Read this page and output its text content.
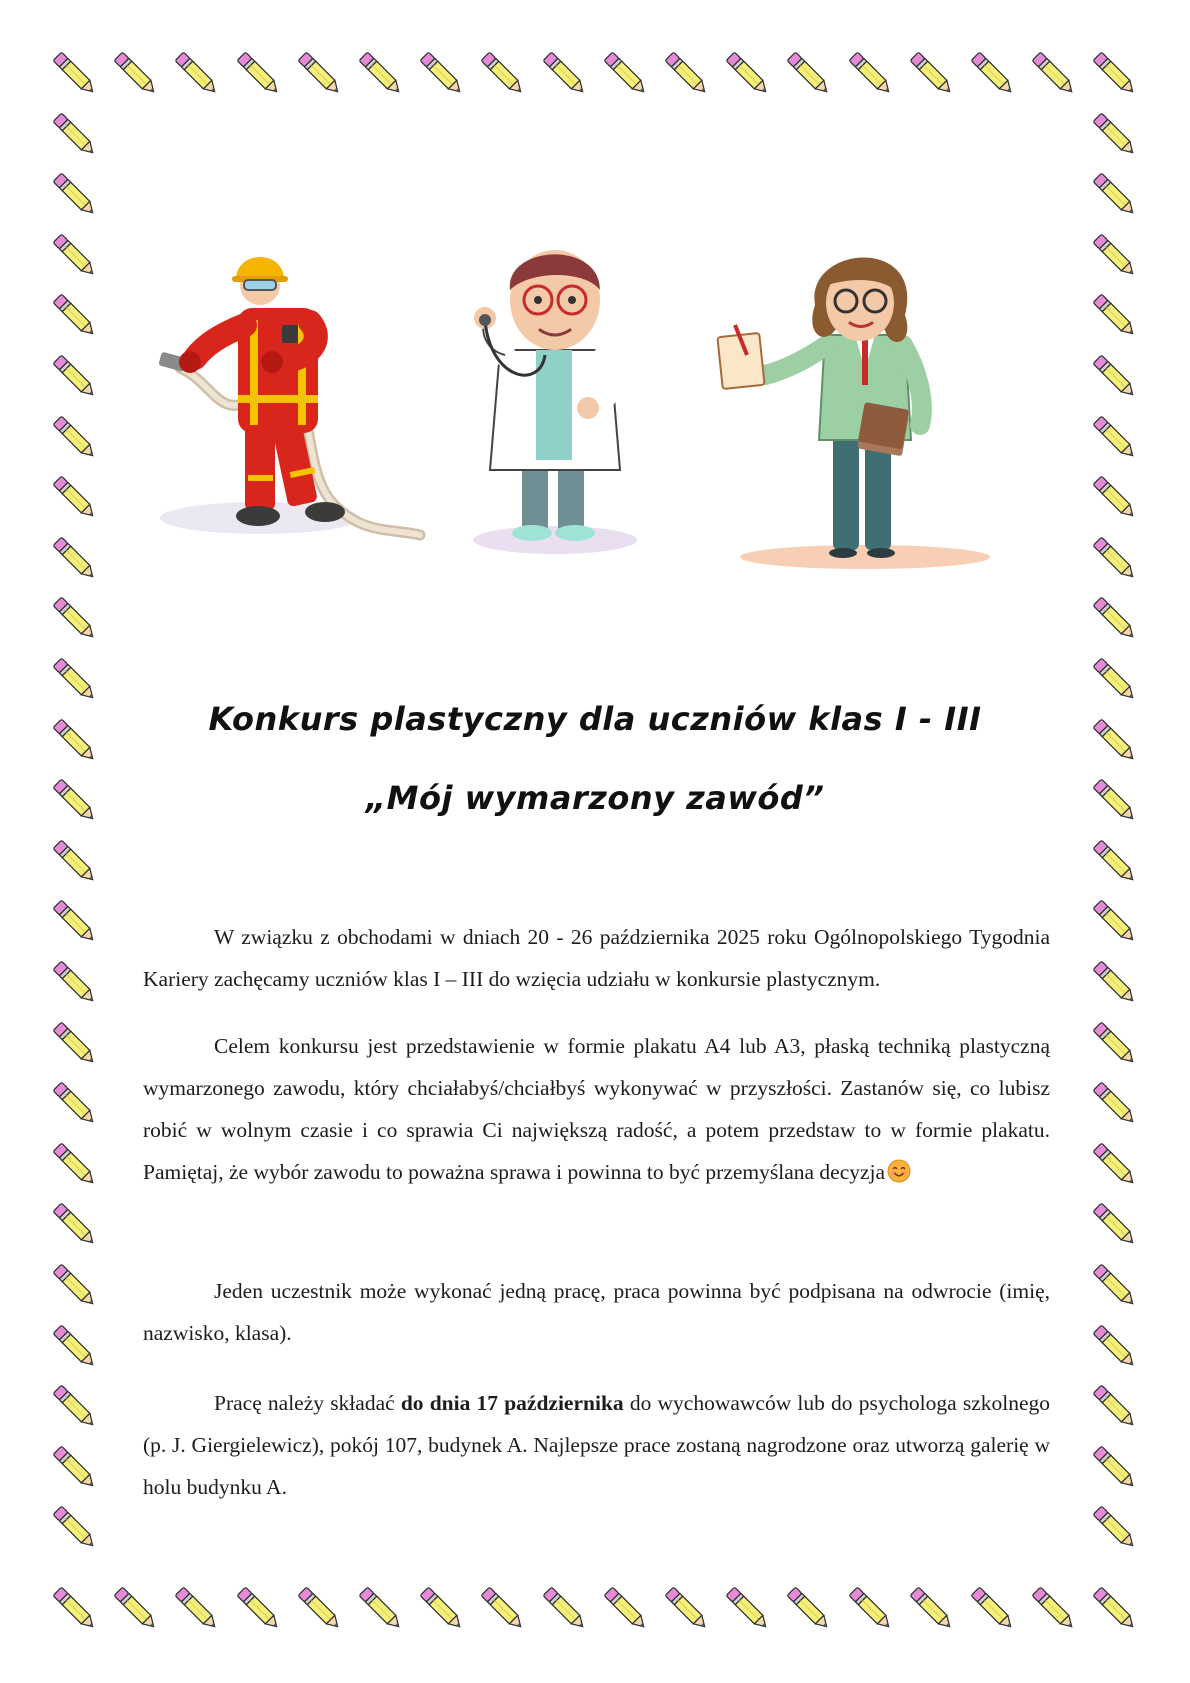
Konkurs plastyczny dla uczniów klas I - III
„Mój wymarzony zawód”

W związku z obchodami w dniach 20 - 26 października 2025 roku Ogólnopolskiego Tygodnia Kariery zachęcamy uczniów klas I – III do wzięcia udziału w konkursie plastycznym.

Celem konkursu jest przedstawienie w formie plakatu A4 lub A3, płaską techniką plastyczną wymarzonego zawodu, który chciałabyś/chciałbyś wykonywać w przyszłości. Zastanów się, co lubisz robić w wolnym czasie i co sprawia Ci największą radość, a potem przedstaw to w formie plakatu. Pamiętaj, że wybór zawodu to poważna sprawa i powinna to być przemyślana decyzja

Jeden uczestnik może wykonać jedną pracę, praca powinna być podpisana na odwrocie (imię, nazwisko, klasa).

Pracę należy składać do dnia 17 października do wychowawców lub do psychologa szkolnego (p. J. Giergielewicz), pokój 107, budynek A. Najlepsze prace zostaną nagrodzone oraz utworzą galerię w holu budynku A.
